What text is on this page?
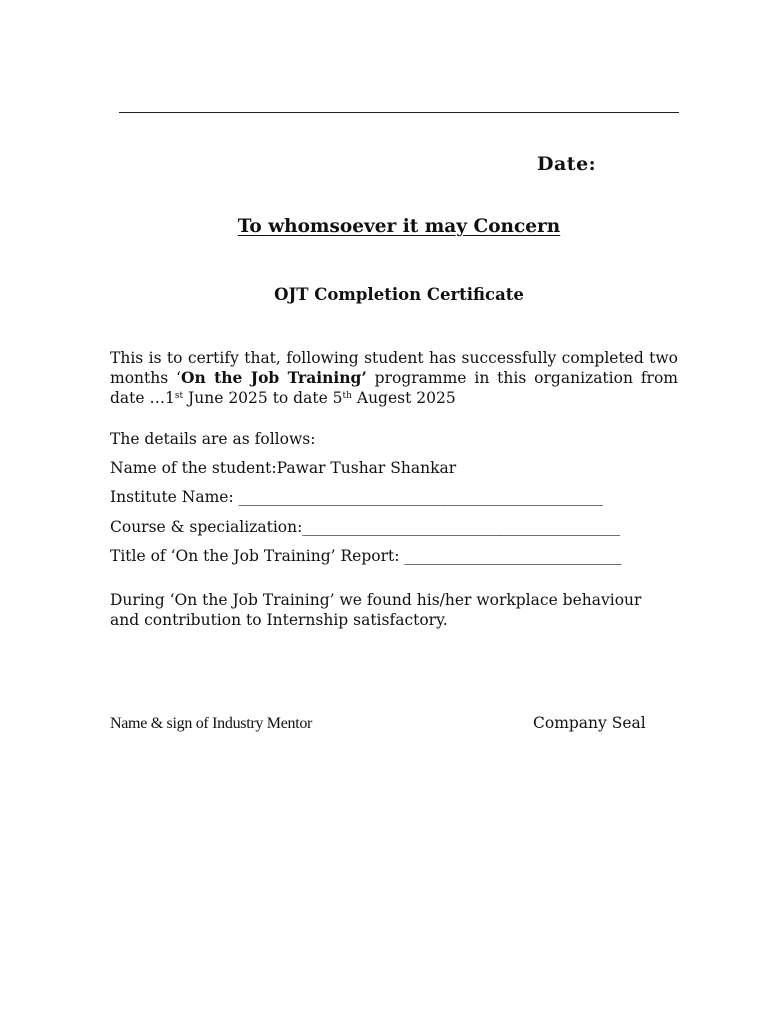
Date:
To whomsoever it may Concern
OJT Completion Certificate
This is to certify that, following student has successfully completed two months ‘On the Job Training’ programme in this organization from date …1st June 2025 to date 5th Augest 2025
The details are as follows:
Name of the student:Pawar Tushar Shankar
Institute Name: _______________________________________________
Course & specialization:_________________________________________
Title of ‘On the Job Training’ Report: ____________________________
During ‘On the Job Training’ we found his/her workplace behaviour
and contribution to Internship satisfactory.
Name & sign of Industry Mentor	Company Seal
